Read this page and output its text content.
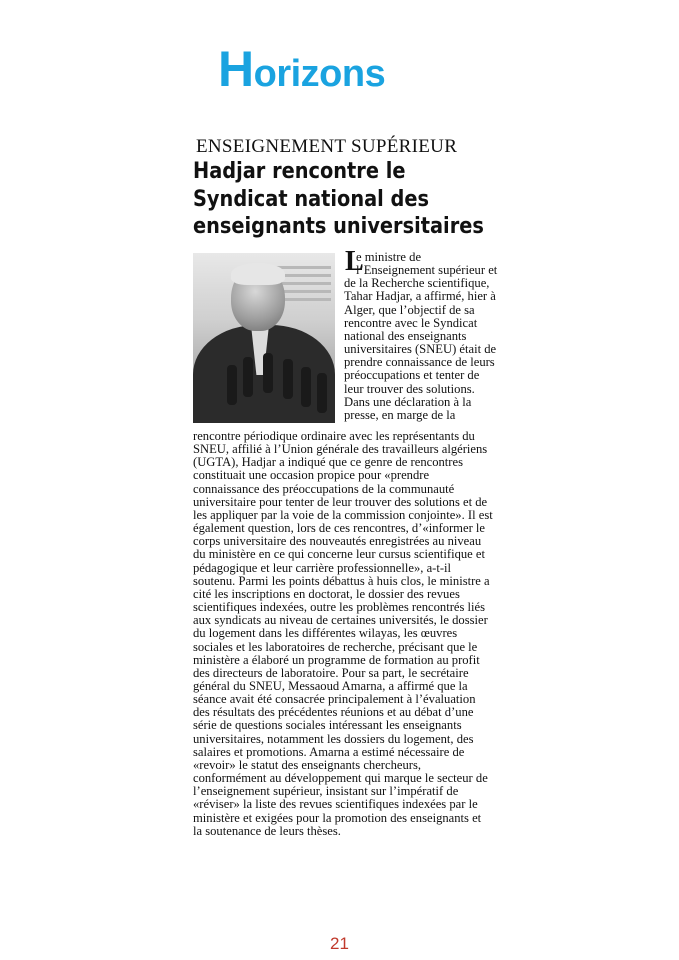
Horizons
ENSEIGNEMENT SUPÉRIEUR
Hadjar rencontre le
Syndicat national des
enseignants universitaires
L
e ministre de
l’Enseignement supérieur et
de la Recherche scientifique,
Tahar Hadjar, a affirmé, hier à
Alger, que l’objectif de sa
rencontre avec le Syndicat
national des enseignants
universitaires (SNEU) était de
prendre connaissance de leurs
préoccupations et tenter de
leur trouver des solutions.
Dans une déclaration à la
presse, en marge de la
rencontre périodique ordinaire avec les représentants du
SNEU, affilié à l’Union générale des travailleurs algériens
(UGTA), Hadjar a indiqué que ce genre de rencontres
constituait une occasion propice pour «prendre
connaissance des préoccupations de la communauté
universitaire pour tenter de leur trouver des solutions et de
les appliquer par la voie de la commission conjointe». Il est
également question, lors de ces rencontres, d’«informer le
corps universitaire des nouveautés enregistrées au niveau
du ministère en ce qui concerne leur cursus scientifique et
pédagogique et leur carrière professionnelle», a-t-il
soutenu. Parmi les points débattus à huis clos, le ministre a
cité les inscriptions en doctorat, le dossier des revues
scientifiques indexées, outre les problèmes rencontrés liés
aux syndicats au niveau de certaines universités, le dossier
du logement dans les différentes wilayas, les œuvres
sociales et les laboratoires de recherche, précisant que le
ministère a élaboré un programme de formation au profit
des directeurs de laboratoire. Pour sa part, le secrétaire
général du SNEU, Messaoud Amarna, a affirmé que la
séance avait été consacrée principalement à l’évaluation
des résultats des précédentes réunions et au débat d’une
série de questions sociales intéressant les enseignants
universitaires, notamment les dossiers du logement, des
salaires et promotions. Amarna a estimé nécessaire de
«revoir» le statut des enseignants chercheurs,
conformément au développement qui marque le secteur de
l’enseignement supérieur, insistant sur l’impératif de
«réviser» la liste des revues scientifiques indexées par le
ministère et exigées pour la promotion des enseignants et
la soutenance de leurs thèses.
21
